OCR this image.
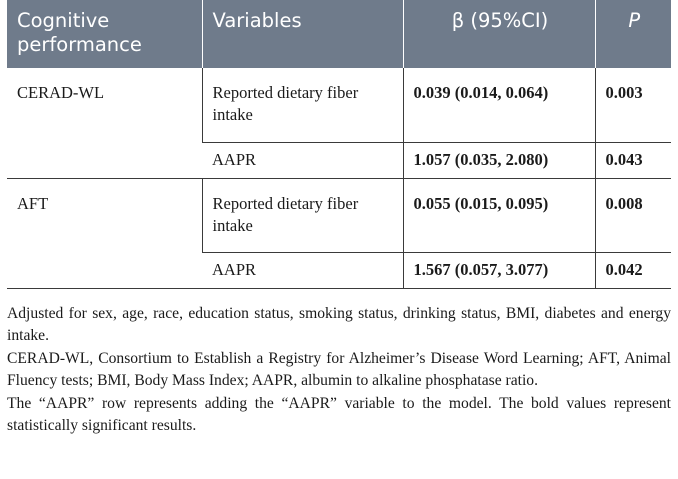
Cognitive performance	Variables	β (95%CI)	P
CERAD-WL	Reported dietary fiber intake	0.039 (0.014, 0.064)	0.003
	AAPR	1.057 (0.035, 2.080)	0.043
AFT	Reported dietary fiber intake	0.055 (0.015, 0.095)	0.008
	AAPR	1.567 (0.057, 3.077)	0.042

Adjusted for sex, age, race, education status, smoking status, drinking status, BMI, diabetes and energy intake.

CERAD-WL, Consortium to Establish a Registry for Alzheimer’s Disease Word Learning; AFT, Animal Fluency tests; BMI, Body Mass Index; AAPR, albumin to alkaline phosphatase ratio.

The “AAPR” row represents adding the “AAPR” variable to the model. The bold values represent statistically significant results.
